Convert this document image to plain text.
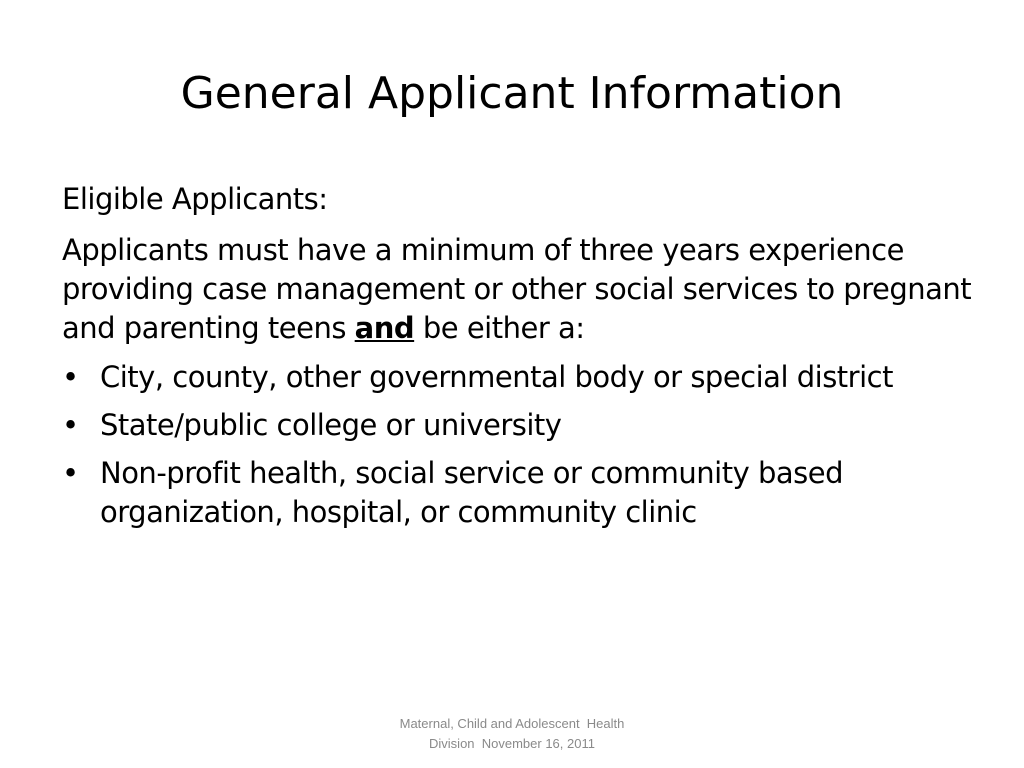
General Applicant Information

Eligible Applicants:

Applicants must have a minimum of three years experience providing case management or other social services to pregnant and parenting teens and be either a:

• City, county, other governmental body or special district
• State/public college or university
• Non-profit health, social service or community based organization, hospital, or community clinic
Maternal, Child and Adolescent  Health
Division  November 16, 2011
